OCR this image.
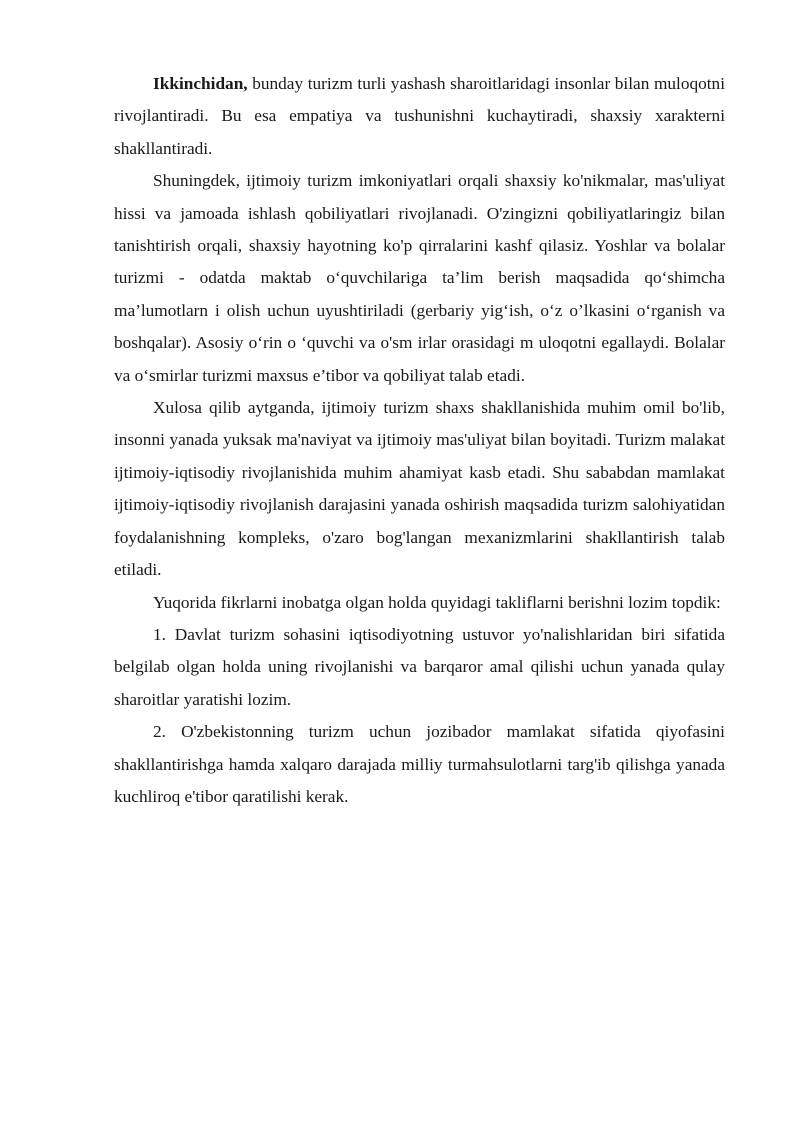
Ikkinchidan, bunday turizm turli yashash sharoitlaridagi insonlar bilan muloqotni rivojlantiradi. Bu esa empatiya va tushunishni kuchaytiradi, shaxsiy xarakterni shakllantiradi.

Shuningdek, ijtimoiy turizm imkoniyatlari orqali shaxsiy ko'nikmalar, mas'uliyat hissi va jamoada ishlash qobiliyatlari rivojlanadi. O'zingizni qobiliyatlaringiz bilan tanishtirish orqali, shaxsiy hayotning ko'p qirralarini kashf qilasiz. Yoshlar va bolalar turizmi - odatda maktab o‘quvchilariga ta’lim berish maqsadida qo‘shimcha ma’lumotlarn i olish uchun uyushtiriladi (gerbariy yig‘ish, o‘z o’lkasini o‘rganish va boshqalar). Asosiy o‘rin o ‘quvchi va o'sm irlar orasidagi m uloqotni egallaydi. Bolalar va o‘smirlar turizmi maxsus e’tibor va qobiliyat talab etadi.

Xulosa qilib aytganda, ijtimoiy turizm shaxs shakllanishida muhim omil bo'lib, insonni yanada yuksak ma'naviyat va ijtimoiy mas'uliyat bilan boyitadi. Turizm malakat ijtimoiy-iqtisodiy rivojlanishida muhim ahamiyat kasb etadi. Shu sababdan mamlakat ijtimoiy-iqtisodiy rivojlanish darajasini yanada oshirish maqsadida turizm salohiyatidan foydalanishning kompleks, o'zaro bog'langan mexanizmlarini shakllantirish talab etiladi.

Yuqorida fikrlarni inobatga olgan holda quyidagi takliflarni berishni lozim topdik:

1. Davlat turizm sohasini iqtisodiyotning ustuvor yo'nalishlaridan biri sifatida belgilab olgan holda uning rivojlanishi va barqaror amal qilishi uchun yanada qulay sharoitlar yaratishi lozim.

2. O'zbekistonning turizm uchun jozibador mamlakat sifatida qiyofasini shakllantirishga hamda xalqaro darajada milliy turmahsulotlarni targ'ib qilishga yanada kuchliroq e'tibor qaratilishi kerak.
